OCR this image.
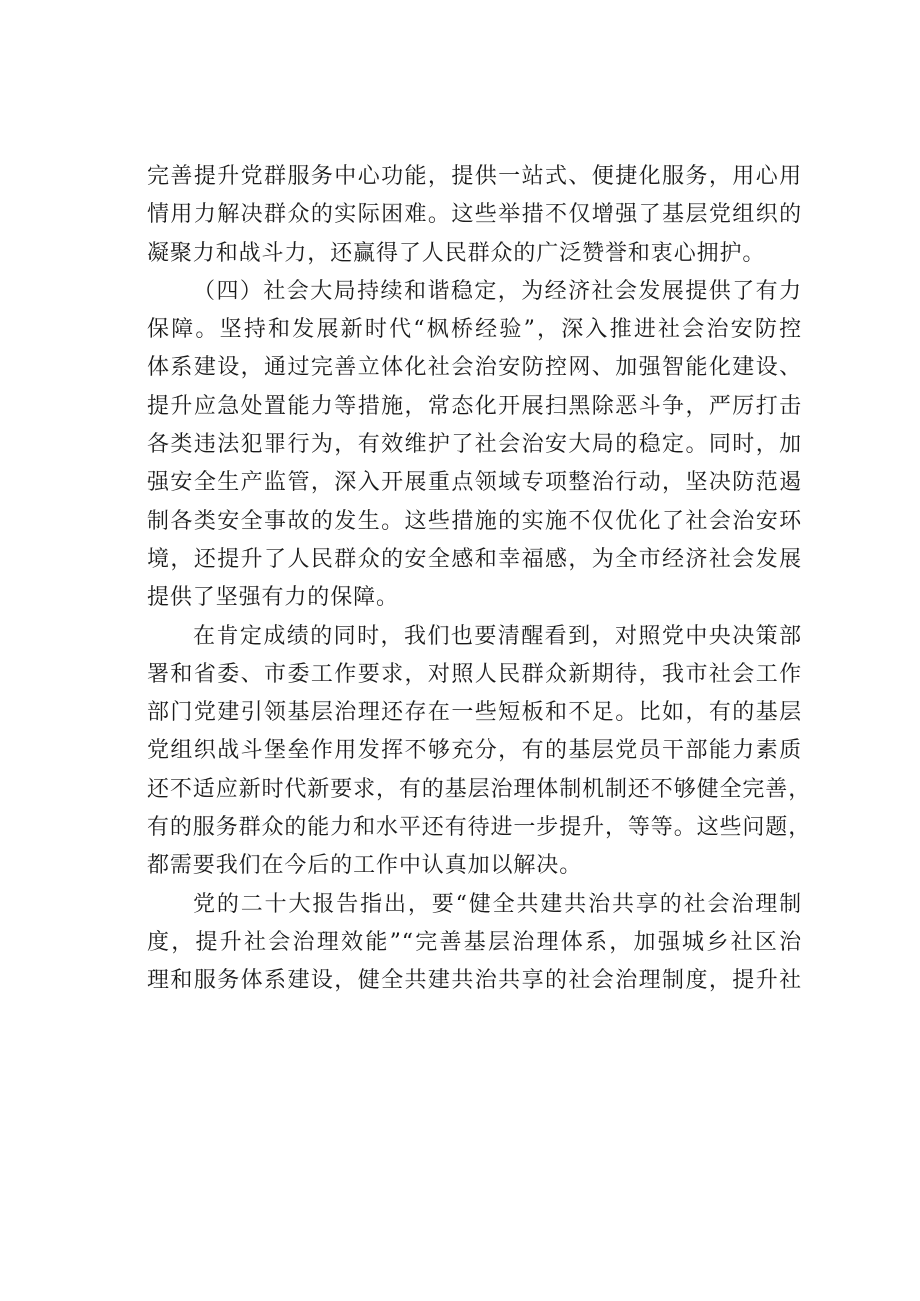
完善提升党群服务中心功能，提供一站式、便捷化服务，用心用
情用力解决群众的实际困难。这些举措不仅增强了基层党组织的
凝聚力和战斗力，还赢得了人民群众的广泛赞誉和衷心拥护。
（四）社会大局持续和谐稳定，为经济社会发展提供了有力
保障。坚持和发展新时代“枫桥经验”，深入推进社会治安防控
体系建设，通过完善立体化社会治安防控网、加强智能化建设、
提升应急处置能力等措施，常态化开展扫黑除恶斗争，严厉打击
各类违法犯罪行为，有效维护了社会治安大局的稳定。同时，加
强安全生产监管，深入开展重点领域专项整治行动，坚决防范遏
制各类安全事故的发生。这些措施的实施不仅优化了社会治安环
境，还提升了人民群众的安全感和幸福感，为全市经济社会发展
提供了坚强有力的保障。
在肯定成绩的同时，我们也要清醒看到，对照党中央决策部
署和省委、市委工作要求，对照人民群众新期待，我市社会工作
部门党建引领基层治理还存在一些短板和不足。比如，有的基层
党组织战斗堡垒作用发挥不够充分，有的基层党员干部能力素质
还不适应新时代新要求，有的基层治理体制机制还不够健全完善，
有的服务群众的能力和水平还有待进一步提升，等等。这些问题，
都需要我们在今后的工作中认真加以解决。
党的二十大报告指出，要“健全共建共治共享的社会治理制
度，提升社会治理效能”“完善基层治理体系，加强城乡社区治
理和服务体系建设，健全共建共治共享的社会治理制度，提升社
